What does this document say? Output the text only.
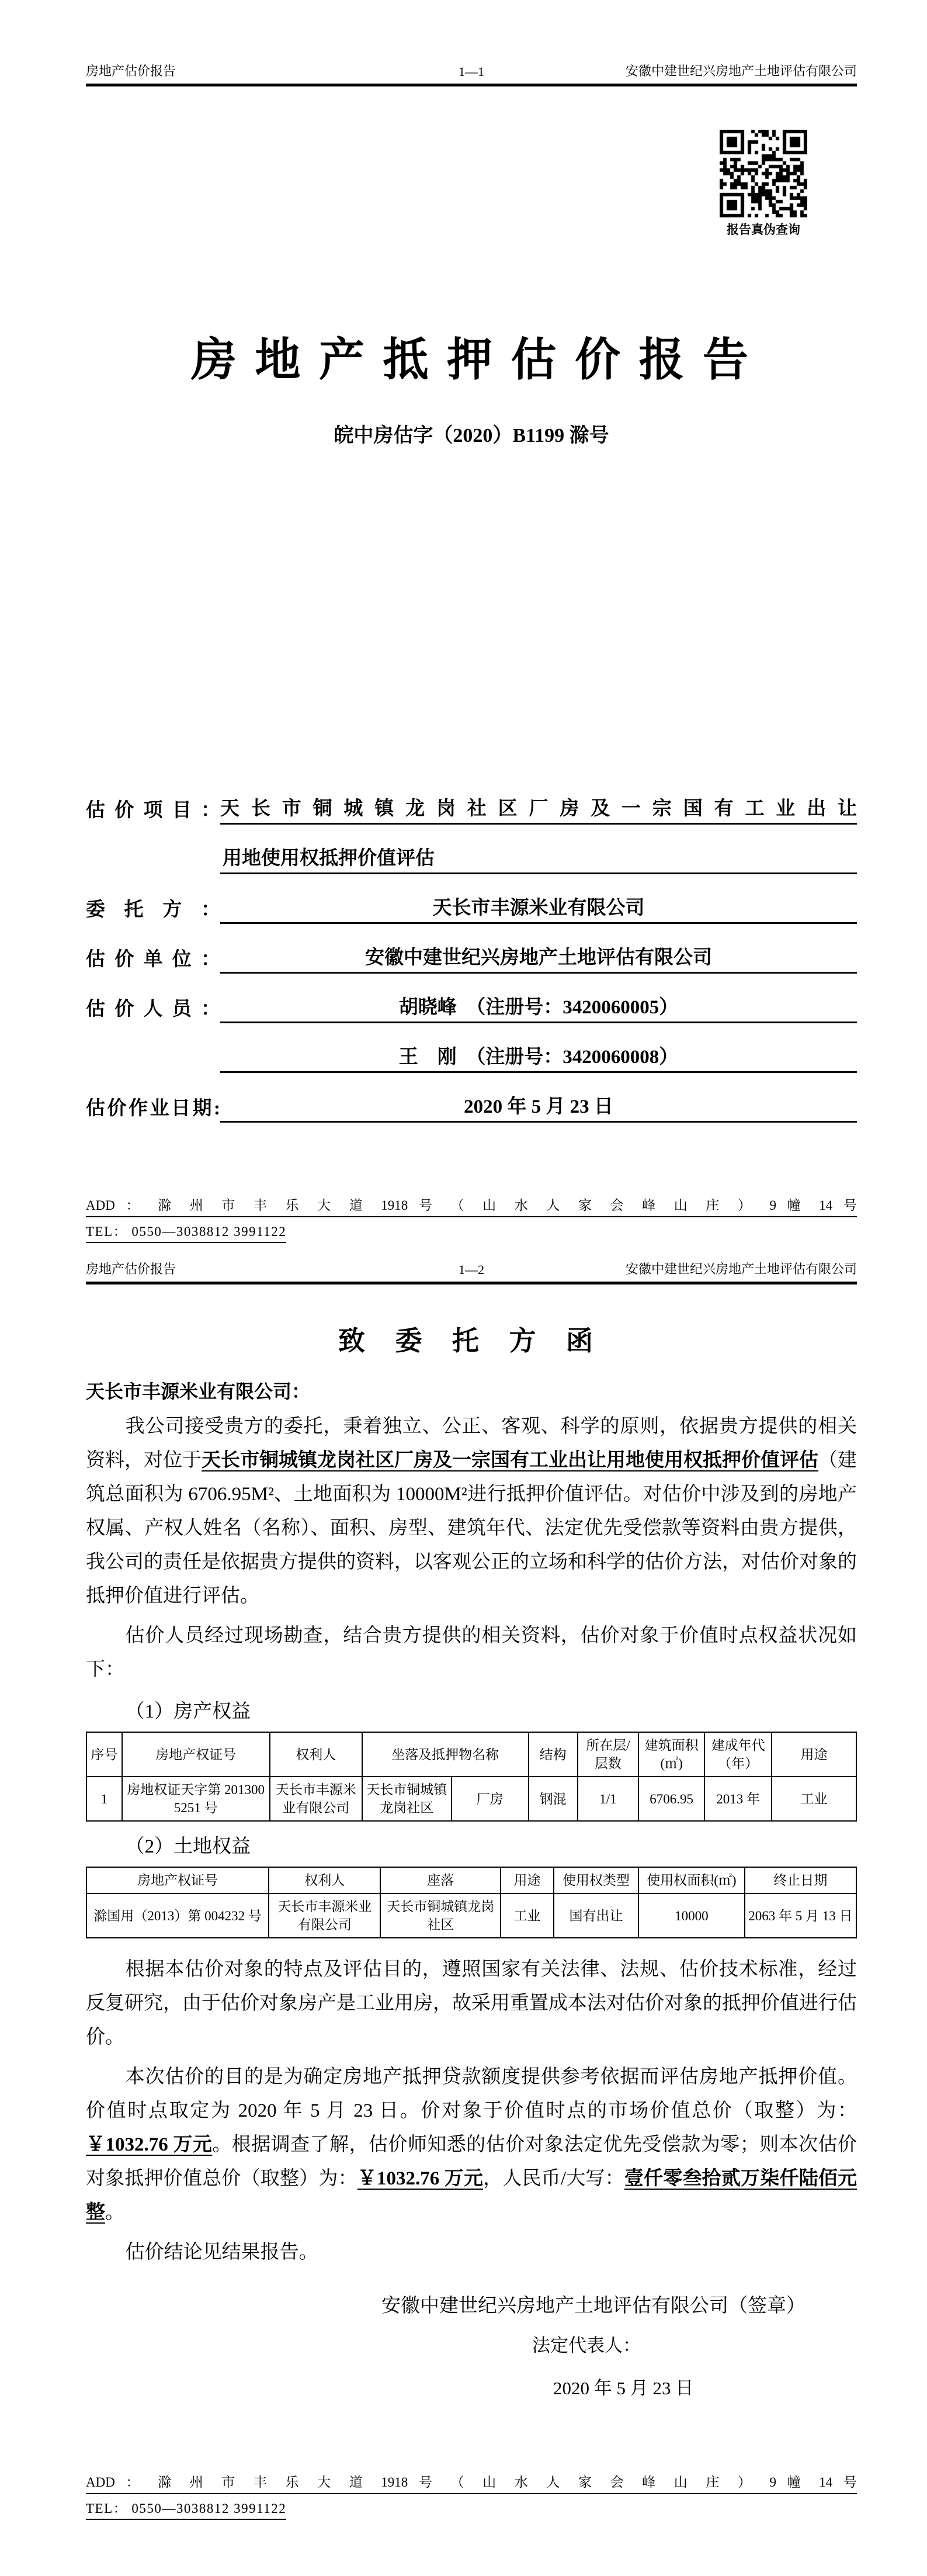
房地产估价报告	1—1	安徽中建世纪兴房地产土地评估有限公司
报告真伪查询
房 地 产 抵 押 估 价 报 告
皖中房估字（2020）B1199 滁号
估 价 项 目 ： 天长市铜城镇龙岗社区厂房及一宗国有工业出让
用地使用权抵押价值评估
委 托 方 ：	天长市丰源米业有限公司
估 价 单 位 ：	安徽中建世纪兴房地产土地评估有限公司
估 价 人 员 ：	胡晓峰　（注册号：3420060005）
王　刚　（注册号：3420060008）
估价作业日期:	2020 年 5 月 23 日
ADD ： 滁 州 市 丰 乐 大 道 1918 号 （ 山 水 人 家 会 峰 山 庄 ） 9 幢 14 号
TEL： 0550—3038812 3991122
房地产估价报告	1—2	安徽中建世纪兴房地产土地评估有限公司
致 委 托 方 函
天长市丰源米业有限公司：

我公司接受贵方的委托，秉着独立、公正、客观、科学的原则，依据贵方提供的相关资料，对位于天长市铜城镇龙岗社区厂房及一宗国有工业出让用地使用权抵押价值评估（建筑总面积为 6706.95M²、土地面积为 10000M²进行抵押价值评估。对估价中涉及到的房地产权属、产权人姓名（名称）、面积、房型、建筑年代、法定优先受偿款等资料由贵方提供，我公司的责任是依据贵方提供的资料，以客观公正的立场和科学的估价方法，对估价对象的抵押价值进行评估。

估价人员经过现场勘查，结合贵方提供的相关资料，估价对象于价值时点权益状况如下：

（1）房产权益
序号	房地产权证号	权利人	坐落及抵押物名称		结构	所在层/层数	建筑面积(㎡)	建成年代（年）	用途
1	房地权证天字第 2013005251 号	天长市丰源米业有限公司	天长市铜城镇龙岗社区	厂房	钢混	1/1	6706.95	2013 年	工业
（2）土地权益
房地产权证号	权利人	座落	用途	使用权类型	使用权面积(㎡)	终止日期
滁国用（2013）第 004232 号	天长市丰源米业有限公司	天长市铜城镇龙岗社区	工业	国有出让	10000	2063 年 5 月 13 日

根据本估价对象的特点及评估目的，遵照国家有关法律、法规、估价技术标准，经过反复研究，由于估价对象房产是工业用房，故采用重置成本法对估价对象的抵押价值进行估价。

本次估价的目的是为确定房地产抵押贷款额度提供参考依据而评估房地产抵押价值。价值时点取定为 2020 年 5 月 23 日。价对象于价值时点的市场价值总价（取整）为：￥1032.76 万元。根据调查了解，估价师知悉的估价对象法定优先受偿款为零；则本次估价对象抵押价值总价（取整）为：￥1032.76 万元，人民币/大写：壹仟零叁拾贰万柒仟陆佰元整。

估价结论见结果报告。

安徽中建世纪兴房地产土地评估有限公司（签章）
法定代表人：
2020 年 5 月 23 日
ADD ： 滁 州 市 丰 乐 大 道 1918 号 （ 山 水 人 家 会 峰 山 庄 ） 9 幢 14 号
TEL： 0550—3038812 3991122
